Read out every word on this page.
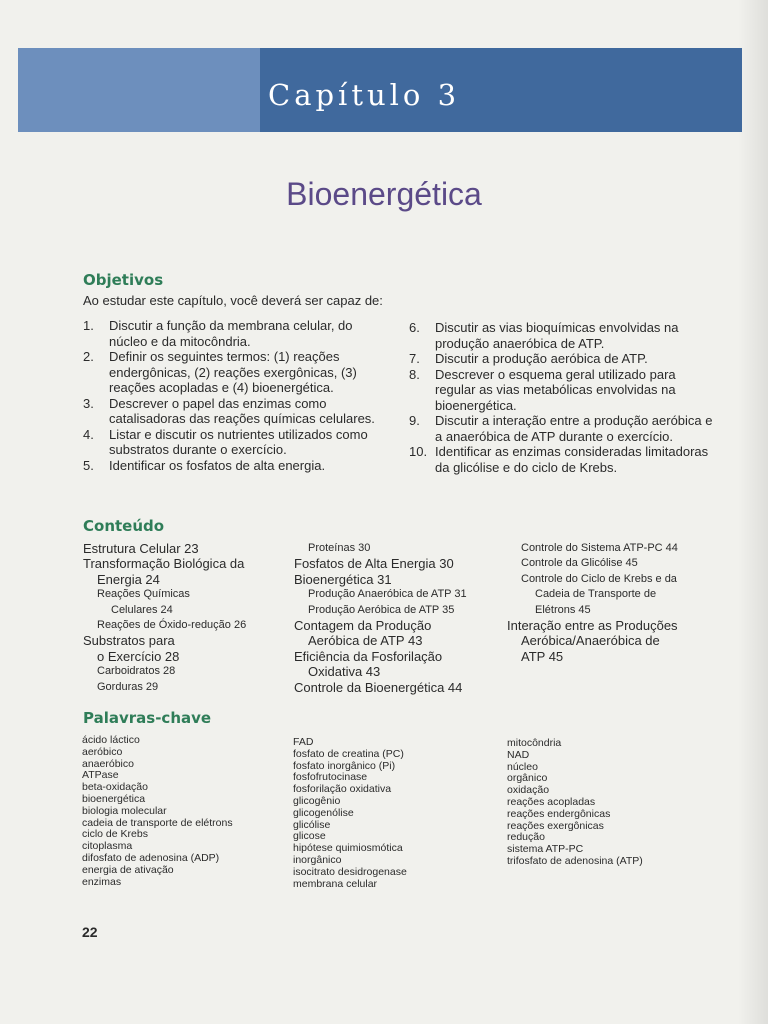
Capítulo 3
Bioenergética
Objetivos
Ao estudar este capítulo, você deverá ser capaz de:
1. Discutir a função da membrana celular, do núcleo e da mitocôndria.
2. Definir os seguintes termos: (1) reações endergônicas, (2) reações exergônicas, (3) reações acopladas e (4) bioenergética.
3. Descrever o papel das enzimas como catalisadoras das reações químicas celulares.
4. Listar e discutir os nutrientes utilizados como substratos durante o exercício.
5. Identificar os fosfatos de alta energia.
6. Discutir as vias bioquímicas envolvidas na produção anaeróbica de ATP.
7. Discutir a produção aeróbica de ATP.
8. Descrever o esquema geral utilizado para regular as vias metabólicas envolvidas na bioenergética.
9. Discutir a interação entre a produção aeróbica e a anaeróbica de ATP durante o exercício.
10. Identificar as enzimas consideradas limitadoras da glicólise e do ciclo de Krebs.
Conteúdo
Estrutura Celular 23
Transformação Biológica da
Energia 24
Reações Químicas
Celulares 24
Reações de Óxido-redução 26
Substratos para
o Exercício 28
Carboidratos 28
Gorduras 29
Proteínas 30
Fosfatos de Alta Energia 30
Bioenergética 31
Produção Anaeróbica de ATP 31
Produção Aeróbica de ATP 35
Contagem da Produção
Aeróbica de ATP 43
Eficiência da Fosforilação
Oxidativa 43
Controle da Bioenergética 44
Controle do Sistema ATP-PC 44
Controle da Glicólise 45
Controle do Ciclo de Krebs e da
Cadeia de Transporte de
Elétrons 45
Interação entre as Produções
Aeróbica/Anaeróbica de
ATP 45
Palavras-chave
ácido láctico
aeróbico
anaeróbico
ATPase
beta-oxidação
bioenergética
biologia molecular
cadeia de transporte de elétrons
ciclo de Krebs
citoplasma
difosfato de adenosina (ADP)
energia de ativação
enzimas
FAD
fosfato de creatina (PC)
fosfato inorgânico (Pi)
fosfofrutocinase
fosforilação oxidativa
glicogênio
glicogenólise
glicólise
glicose
hipótese quimiosmótica
inorgânico
isocitrato desidrogenase
membrana celular
mitocôndria
NAD
núcleo
orgânico
oxidação
reações acopladas
reações endergônicas
reações exergônicas
redução
sistema ATP-PC
trifosfato de adenosina (ATP)
22
